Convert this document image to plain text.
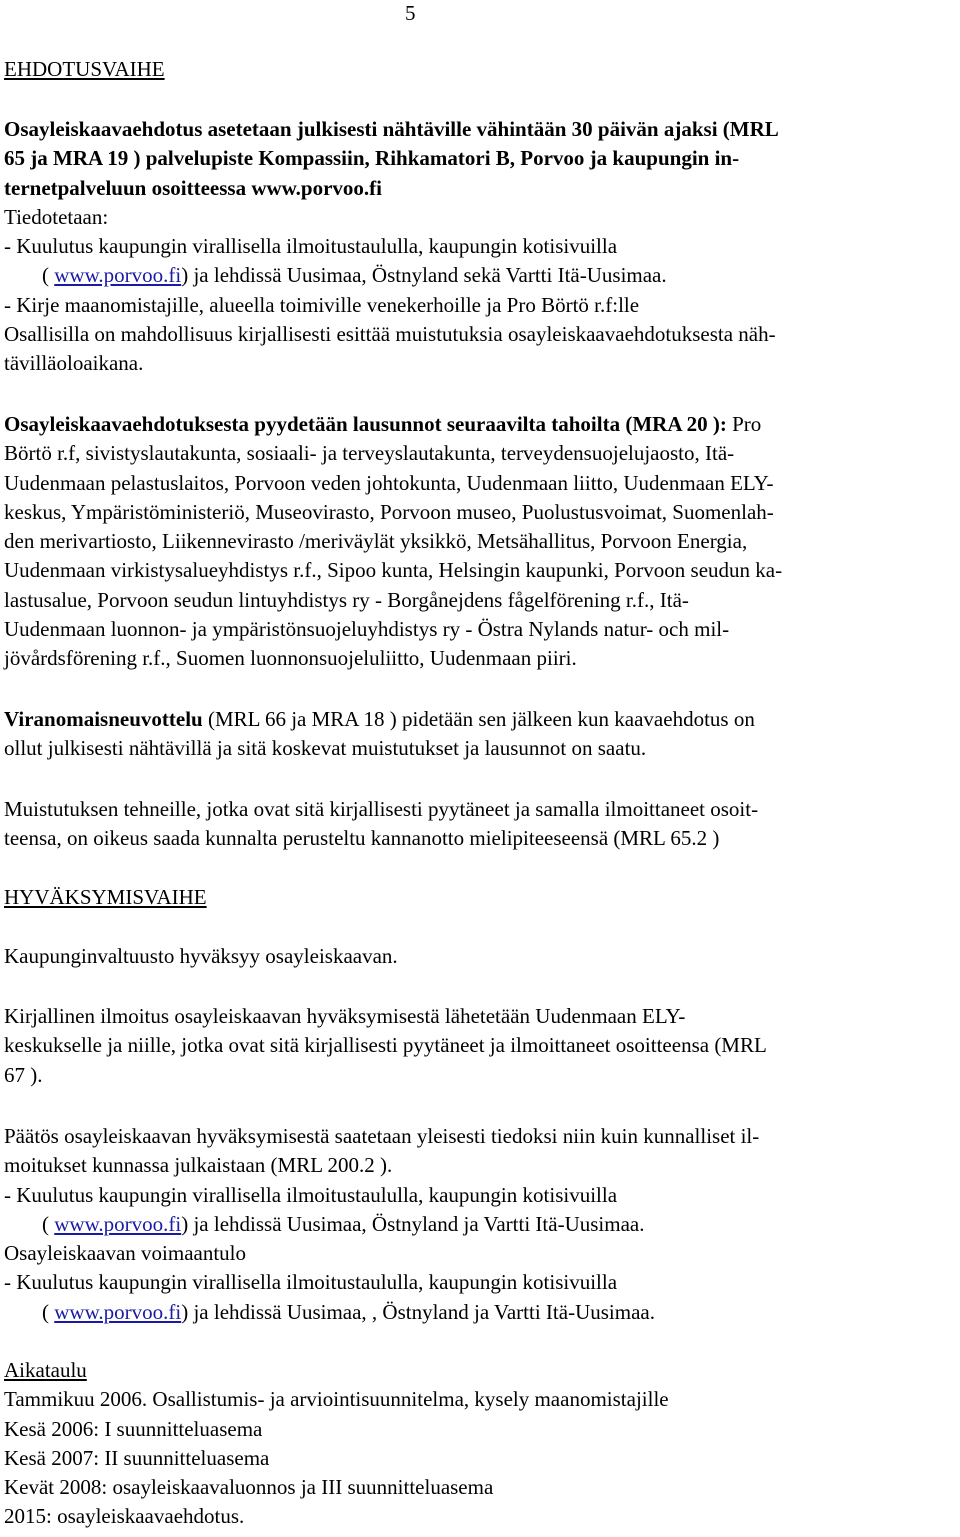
5
EHDOTUSVAIHE
Osayleiskaavaehdotus asetetaan julkisesti nähtäville vähintään 30 päivän ajaksi (MRL
65 ja MRA 19 ) palvelupiste Kompassiin, Rihkamatori B, Porvoo ja kaupungin in-
ternetpalveluun osoitteessa www.porvoo.fi
Tiedotetaan:
- Kuulutus kaupungin virallisella ilmoitustaululla, kaupungin kotisivuilla
( www.porvoo.fi) ja lehdissä Uusimaa, Östnyland sekä Vartti Itä-Uusimaa.
- Kirje maanomistajille, alueella toimiville venekerhoille ja Pro Börtö r.f:lle
Osallisilla on mahdollisuus kirjallisesti esittää muistutuksia osayleiskaavaehdotuksesta näh-
tävilläoloaikana.
Osayleiskaavaehdotuksesta pyydetään lausunnot seuraavilta tahoilta (MRA 20 ): Pro
Börtö r.f, sivistyslautakunta, sosiaali- ja terveyslautakunta, terveydensuojelujaosto, Itä-
Uudenmaan pelastuslaitos, Porvoon veden johtokunta, Uudenmaan liitto, Uudenmaan ELY-
keskus, Ympäristöministeriö, Museovirasto, Porvoon museo, Puolustusvoimat, Suomenlah-
den merivartiosto, Liikennevirasto /meriväylät yksikkö, Metsähallitus, Porvoon Energia,
Uudenmaan virkistysalueyhdistys r.f., Sipoo kunta, Helsingin kaupunki, Porvoon seudun ka-
lastusalue, Porvoon seudun lintuyhdistys ry - Borgånejdens fågelförening r.f., Itä-
Uudenmaan luonnon- ja ympäristönsuojeluyhdistys ry - Östra Nylands natur- och mil-
jövårdsförening r.f., Suomen luonnonsuojeluliitto, Uudenmaan piiri.
Viranomaisneuvottelu (MRL 66 ja MRA 18 ) pidetään sen jälkeen kun kaavaehdotus on
ollut julkisesti nähtävillä ja sitä koskevat muistutukset ja lausunnot on saatu.
Muistutuksen tehneille, jotka ovat sitä kirjallisesti pyytäneet ja samalla ilmoittaneet osoit-
teensa, on oikeus saada kunnalta perusteltu kannanotto mielipiteeseensä (MRL 65.2 )
HYVÄKSYMISVAIHE
Kaupunginvaltuusto hyväksyy osayleiskaavan.
Kirjallinen ilmoitus osayleiskaavan hyväksymisestä lähetetään Uudenmaan ELY-
keskukselle ja niille, jotka ovat sitä kirjallisesti pyytäneet ja ilmoittaneet osoitteensa (MRL
67 ).
Päätös osayleiskaavan hyväksymisestä saatetaan yleisesti tiedoksi niin kuin kunnalliset il-
moitukset kunnassa julkaistaan (MRL 200.2 ).
- Kuulutus kaupungin virallisella ilmoitustaululla, kaupungin kotisivuilla
( www.porvoo.fi) ja lehdissä Uusimaa, Östnyland ja Vartti Itä-Uusimaa.
Osayleiskaavan voimaantulo
- Kuulutus kaupungin virallisella ilmoitustaululla, kaupungin kotisivuilla
( www.porvoo.fi) ja lehdissä Uusimaa, , Östnyland ja Vartti Itä-Uusimaa.
Aikataulu
Tammikuu 2006. Osallistumis- ja arviointisuunnitelma, kysely maanomistajille
Kesä 2006: I suunnitteluasema
Kesä 2007: II suunnitteluasema
Kevät 2008: osayleiskaavaluonnos ja III suunnitteluasema
2015: osayleiskaavaehdotus.
